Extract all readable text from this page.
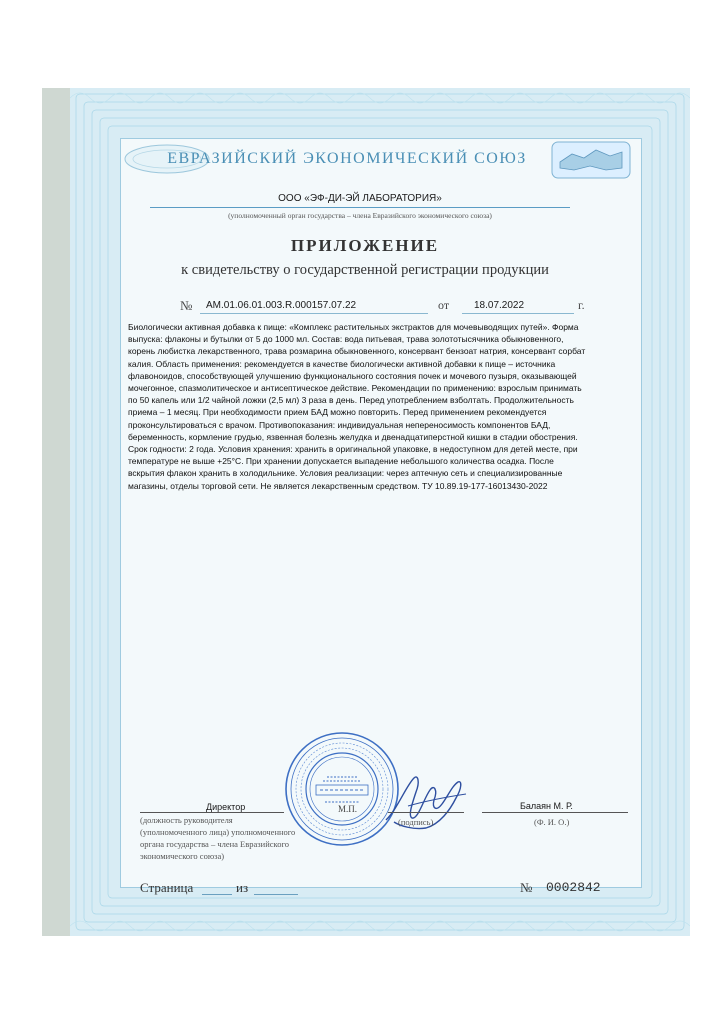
ЕВРАЗИЙСКИЙ ЭКОНОМИЧЕСКИЙ СОЮЗ
ООО «ЭФ-ДИ-ЭЙ ЛАБОРАТОРИЯ»
(уполномоченный орган государства – члена Евразийского экономического союза)
ПРИЛОЖЕНИЕ
к свидетельству о государственной регистрации продукции
№ AM.01.06.01.003.R.000157.07.22	от 18.07.2022	г.
Биологически активная добавка к пище: «Комплекс растительных экстрактов для мочевыводящих путей». Форма
выпуска: флаконы и бутылки от 5 до 1000 мл. Состав: вода питьевая, трава золототысячника обыкновенного,
корень любистка лекарственного, трава розмарина обыкновенного, консервант бензоат натрия, консервант сорбат
калия. Область применения: рекомендуется в качестве биологически активной добавки к пище – источника
флавоноидов, способствующей улучшению функционального состояния почек и мочевого пузыря, оказывающей
мочегонное, спазмолитическое и антисептическое действие. Рекомендации по применению: взрослым принимать
по 50 капель или 1/2 чайной ложки (2,5 мл) 3 раза в день. Перед употреблением взболтать. Продолжительность
приема – 1 месяц. При необходимости прием БАД можно повторить. Перед применением рекомендуется
проконсультироваться с врачом. Противопоказания: индивидуальная непереносимость компонентов БАД,
беременность, кормление грудью, язвенная болезнь желудка и двенадцатиперстной кишки в стадии обострения.
Срок годности: 2 года. Условия хранения: хранить в оригинальной упаковке, в недоступном для детей месте, при
температуре не выше +25°С. При хранении допускается выпадение небольшого количества осадка. После
вскрытия флакон хранить в холодильнике. Условия реализации: через аптечную сеть и специализированные
магазины, отделы торговой сети. Не является лекарственным средством. ТУ 10.89.19-177-16013430-2022
Директор	М.П.	Балаян М. Р.
(должность руководителя
(уполномоченного лица) уполномоченного
органа государства – члена Евразийского
экономического союза)
(подпись)	(Ф. И. О.)
Страница	из	№ 0002842
